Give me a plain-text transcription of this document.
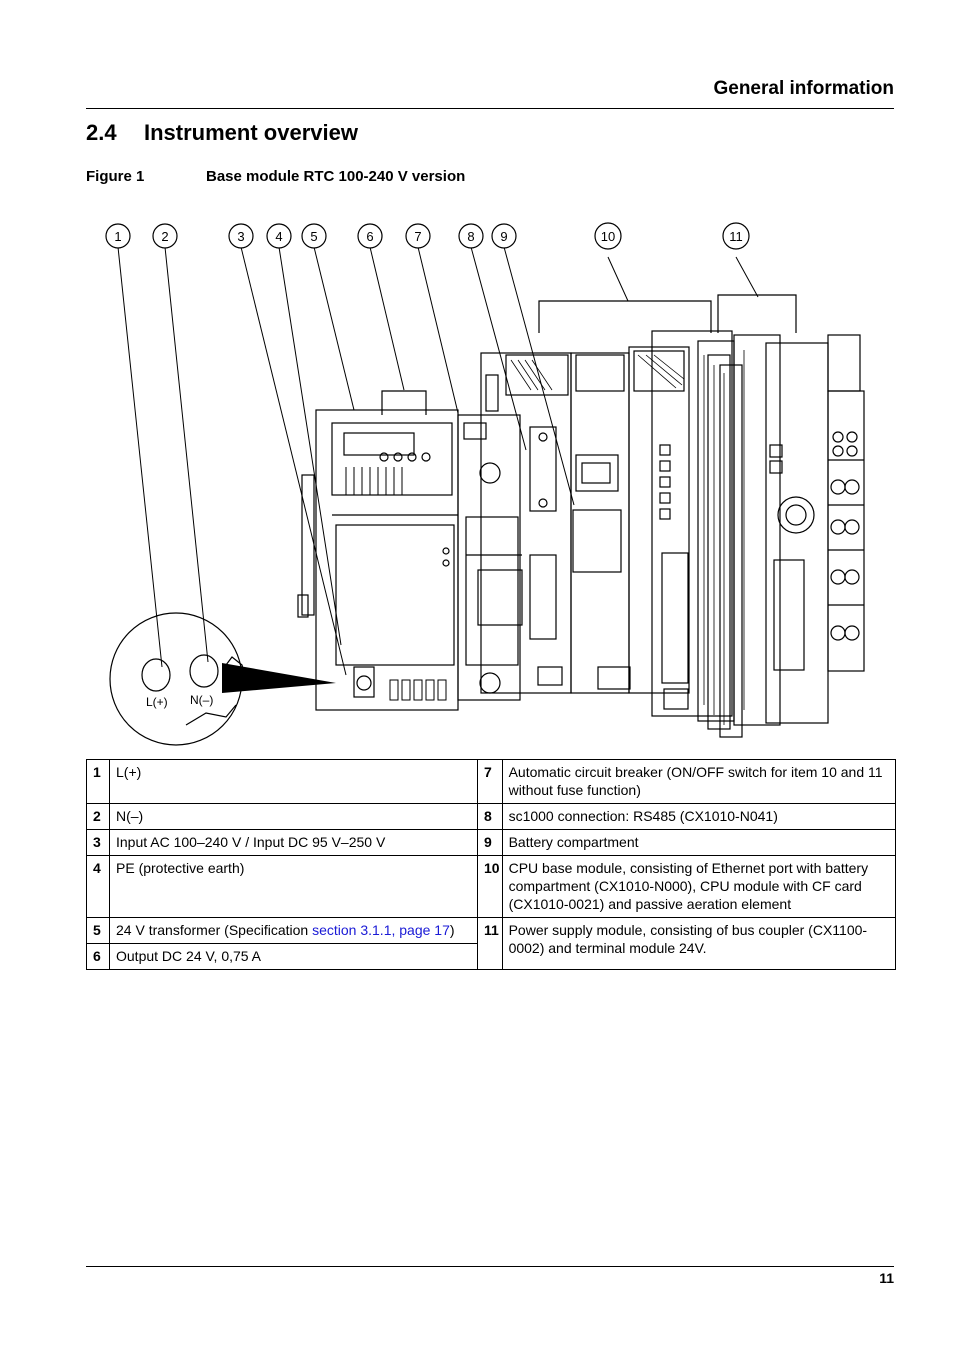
General information
2.4 Instrument overview
Figure 1	Base module RTC 100-240 V version
L(+) N(–)
1	2	3 4 5	6	7	8 9	10	11
1	L(+)	7	Automatic circuit breaker (ON/OFF switch for item 10 and 11 without fuse function)
2	N(–)	8	sc1000 connection: RS485 (CX1010-N041)
3	Input AC 100–240 V / Input DC 95 V–250 V	9	Battery compartment
4	PE (protective earth)	10	CPU base module, consisting of Ethernet port with battery compartment (CX1010-N000), CPU module with CF card (CX1010-0021) and passive aeration element
5	24 V transformer (Specification section 3.1.1, page 17)	11	Power supply module, consisting of bus coupler (CX1100-0002) and terminal module 24V.
6	Output DC 24 V, 0,75 A		
11
